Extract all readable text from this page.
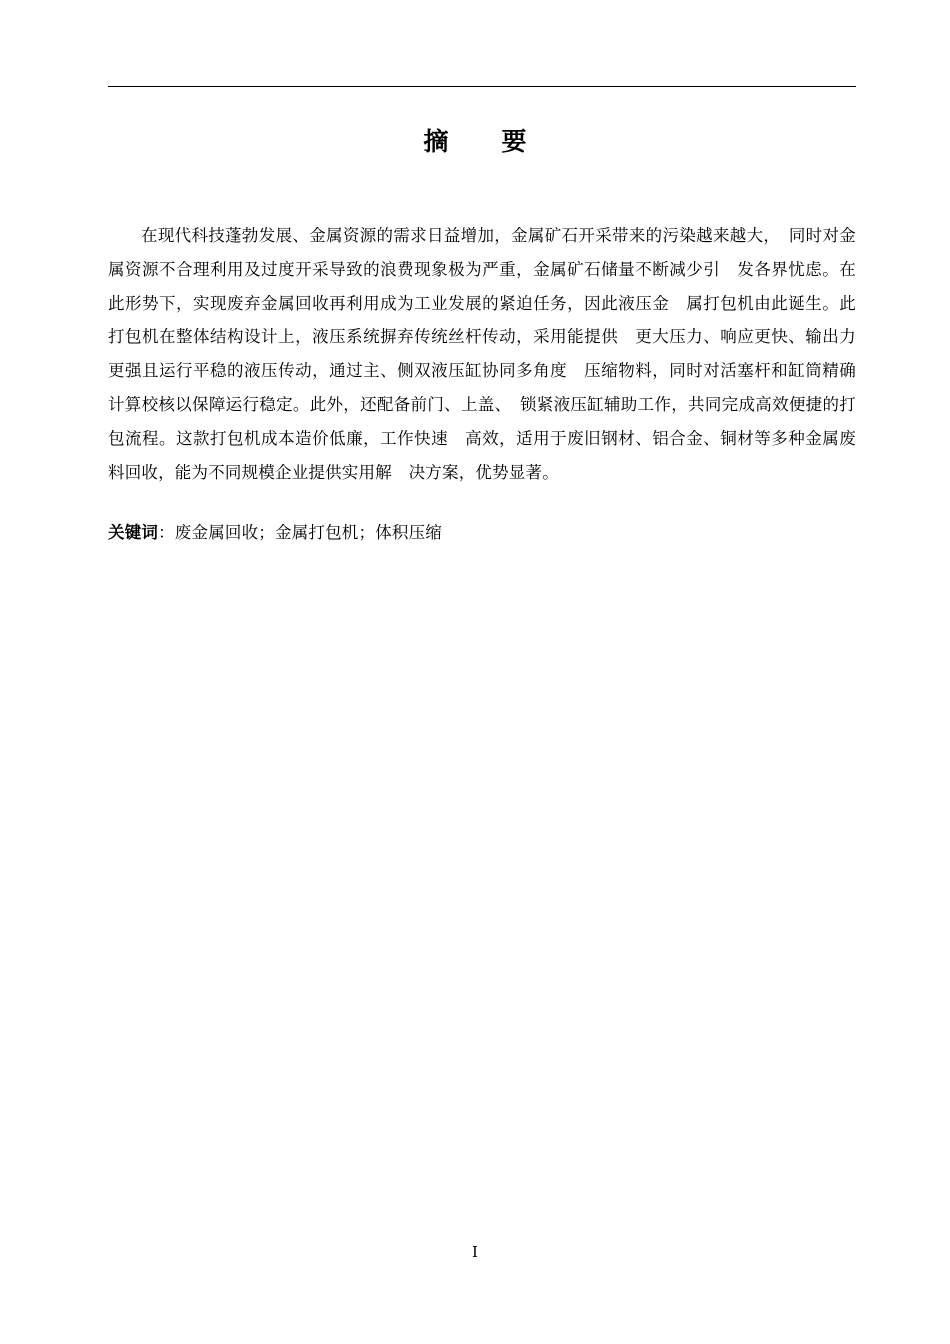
摘　要

在现代科技蓬勃发展、金属资源的需求日益增加，金属矿石开采带来的污染越来越大，　同时对金属资源不合理利用及过度开采导致的浪费现象极为严重，金属矿石储量不断减少引　发各界忧虑。在此形势下，实现废弃金属回收再利用成为工业发展的紧迫任务，因此液压金　属打包机由此诞生。此打包机在整体结构设计上，液压系统摒弃传统丝杆传动，采用能提供　更大压力、响应更快、输出力更强且运行平稳的液压传动，通过主、侧双液压缸协同多角度　压缩物料，同时对活塞杆和缸筒精确计算校核以保障运行稳定。此外，还配备前门、上盖、　锁紧液压缸辅助工作，共同完成高效便捷的打包流程。这款打包机成本造价低廉，工作快速　高效，适用于废旧钢材、铝合金、铜材等多种金属废料回收，能为不同规模企业提供实用解　决方案，优势显著。

关键词：废金属回收；金属打包机；体积压缩

I
